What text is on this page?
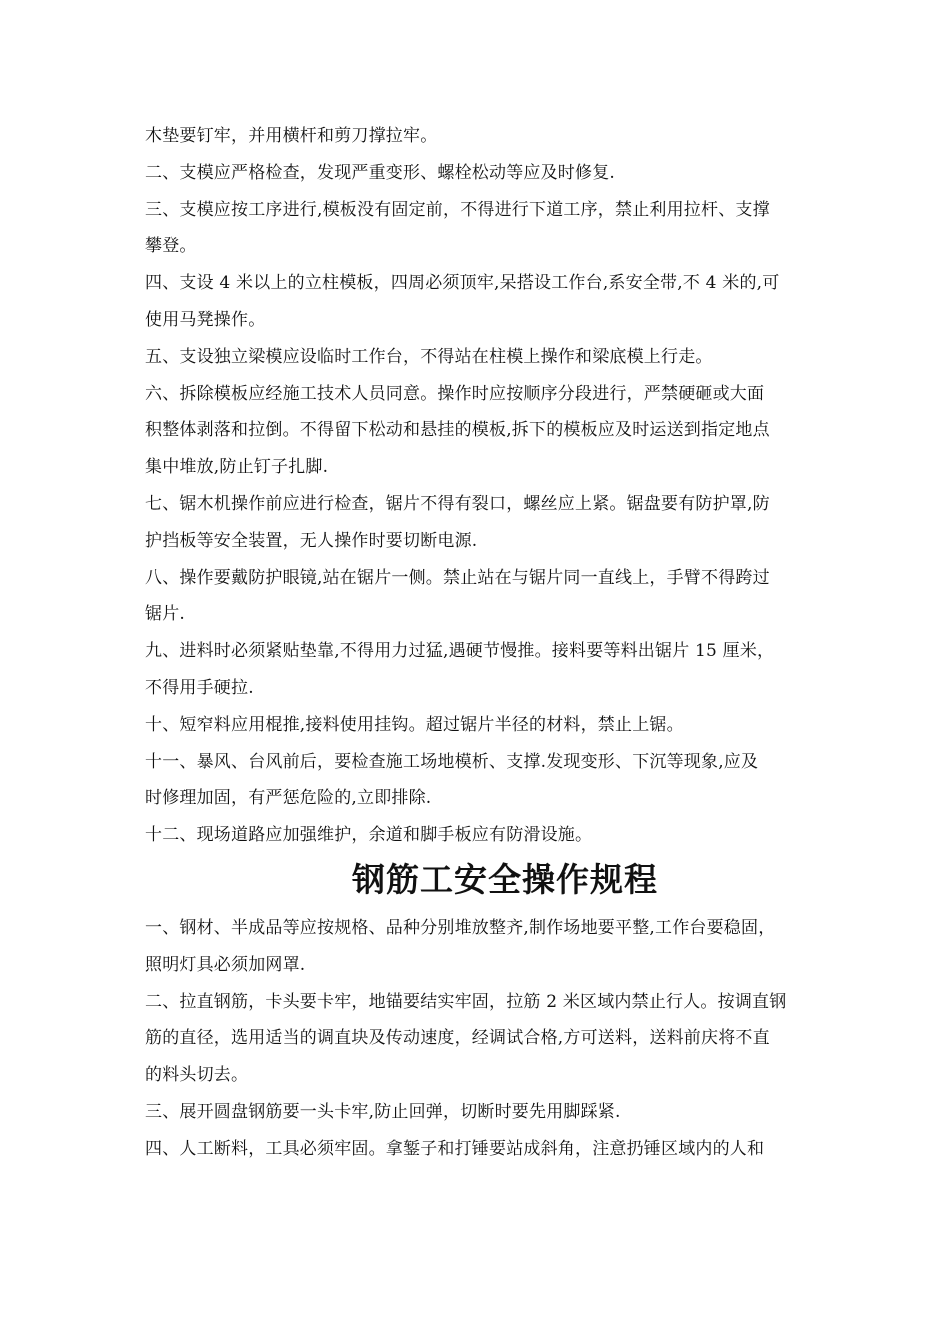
木垫要钉牢，并用横杆和剪刀撑拉牢。

二、支模应严格检查，发现严重变形、螺栓松动等应及时修复.

三、支模应按工序进行,模板没有固定前，不得进行下道工序，禁止利用拉杆、支撑

攀登。

四、支设 4 米以上的立柱模板，四周必须顶牢,呆搭设工作台,系安全带,不 4 米的,可

使用马凳操作。

五、支设独立梁模应设临时工作台，不得站在柱模上操作和梁底模上行走。

六、拆除模板应经施工技术人员同意。操作时应按顺序分段进行，严禁硬砸或大面

积整体剥落和拉倒。不得留下松动和悬挂的模板,拆下的模板应及时运送到指定地点

集中堆放,防止钉子扎脚.

七、锯木机操作前应进行检查，锯片不得有裂口，螺丝应上紧。锯盘要有防护罩,防

护挡板等安全装置，无人操作时要切断电源.

八、操作要戴防护眼镜,站在锯片一侧。禁止站在与锯片同一直线上，手臂不得跨过

锯片.

九、进料时必须紧贴垫靠,不得用力过猛,遇硬节慢推。接料要等料出锯片 15 厘米，

不得用手硬拉.

十、短窄料应用棍推,接料使用挂钩。超过锯片半径的材料，禁止上锯。

十一、暴风、台风前后，要检查施工场地模析、支撑.发现变形、下沉等现象,应及

时修理加固，有严惩危险的,立即排除.

十二、现场道路应加强维护，余道和脚手板应有防滑设施。

钢筋工安全操作规程

一、钢材、半成品等应按规格、品种分别堆放整齐,制作场地要平整,工作台要稳固，

照明灯具必须加网罩.

二、拉直钢筋，卡头要卡牢，地锚要结实牢固，拉筋 2 米区域内禁止行人。按调直钢

筋的直径，选用适当的调直块及传动速度，经调试合格,方可送料，送料前庆将不直

的料头切去。

三、展开圆盘钢筋要一头卡牢,防止回弹，切断时要先用脚踩紧.

四、人工断料，工具必须牢固。拿錾子和打锤要站成斜角，注意扔锤区域内的人和
